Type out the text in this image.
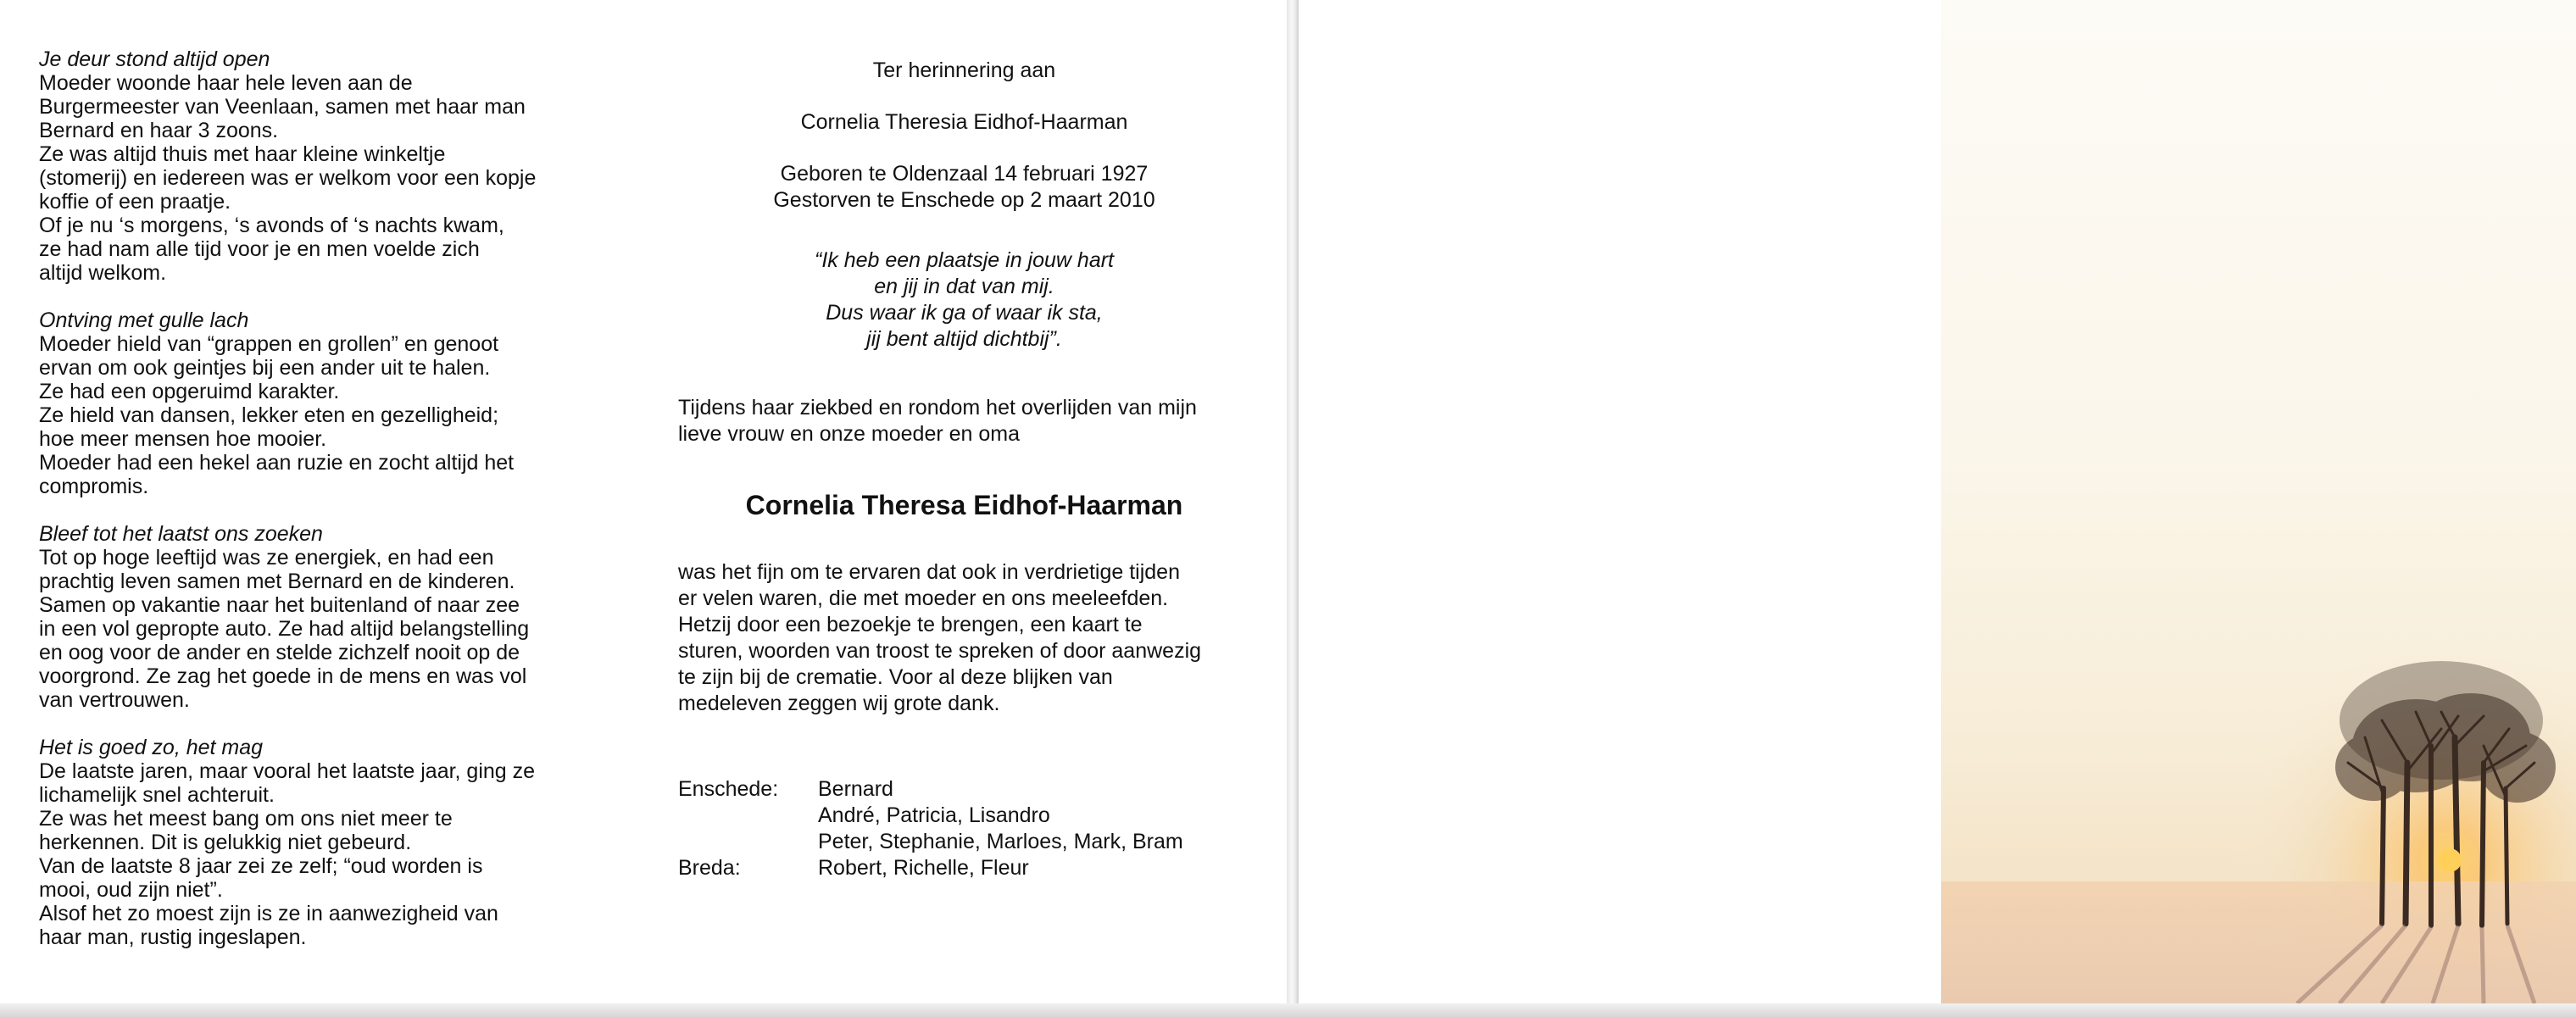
Je deur stond altijd open
Moeder woonde haar hele leven aan de
Burgermeester van Veenlaan, samen met haar man
Bernard en haar 3 zoons.
Ze was altijd thuis met haar kleine winkeltje
(stomerij) en iedereen was er welkom voor een kopje
koffie of een praatje.
Of je nu ‘s morgens, ‘s avonds of ‘s nachts kwam,
ze had nam alle tijd voor je en men voelde zich
altijd welkom.
Ontving met gulle lach
Moeder hield van “grappen en grollen” en genoot
ervan om ook geintjes bij een ander uit te halen.
Ze had een opgeruimd karakter.
Ze hield van dansen, lekker eten en gezelligheid;
hoe meer mensen hoe mooier.
Moeder had een hekel aan ruzie en zocht altijd het
compromis.
Bleef tot het laatst ons zoeken
Tot op hoge leeftijd was ze energiek, en had een
prachtig leven samen met Bernard en de kinderen.
Samen op vakantie naar het buitenland of naar zee
in een vol gepropte auto. Ze had altijd belangstelling
en oog voor de ander en stelde zichzelf nooit op de
voorgrond. Ze zag het goede in de mens en was vol
van vertrouwen.
Het is goed zo, het mag
De laatste jaren, maar vooral het laatste jaar, ging ze
lichamelijk snel achteruit.
Ze was het meest bang om ons niet meer te
herkennen. Dit is gelukkig niet gebeurd.
Van de laatste 8 jaar zei ze zelf; “oud worden is
mooi, oud zijn niet”.
Alsof het zo moest zijn is ze in aanwezigheid van
haar man, rustig ingeslapen.
Ter herinnering aan
Cornelia Theresia Eidhof-Haarman
Geboren te Oldenzaal 14 februari 1927
Gestorven te Enschede op 2 maart 2010
“Ik heb een plaatsje in jouw hart
en jij in dat van mij.
Dus waar ik ga of waar ik sta,
jij bent altijd dichtbij”.
Tijdens haar ziekbed en rondom het overlijden van mijn
lieve vrouw en onze moeder en oma
Cornelia Theresa Eidhof-Haarman
was het fijn om te ervaren dat ook in verdrietige tijden
er velen waren, die met moeder en ons meeleefden.
Hetzij door een bezoekje te brengen, een kaart te
sturen, woorden van troost te spreken of door aanwezig
te zijn bij de crematie. Voor al deze blijken van
medeleven zeggen wij grote dank.
Enschede:	Bernard
André, Patricia, Lisandro
Peter, Stephanie, Marloes, Mark, Bram
Breda:	Robert, Richelle, Fleur
